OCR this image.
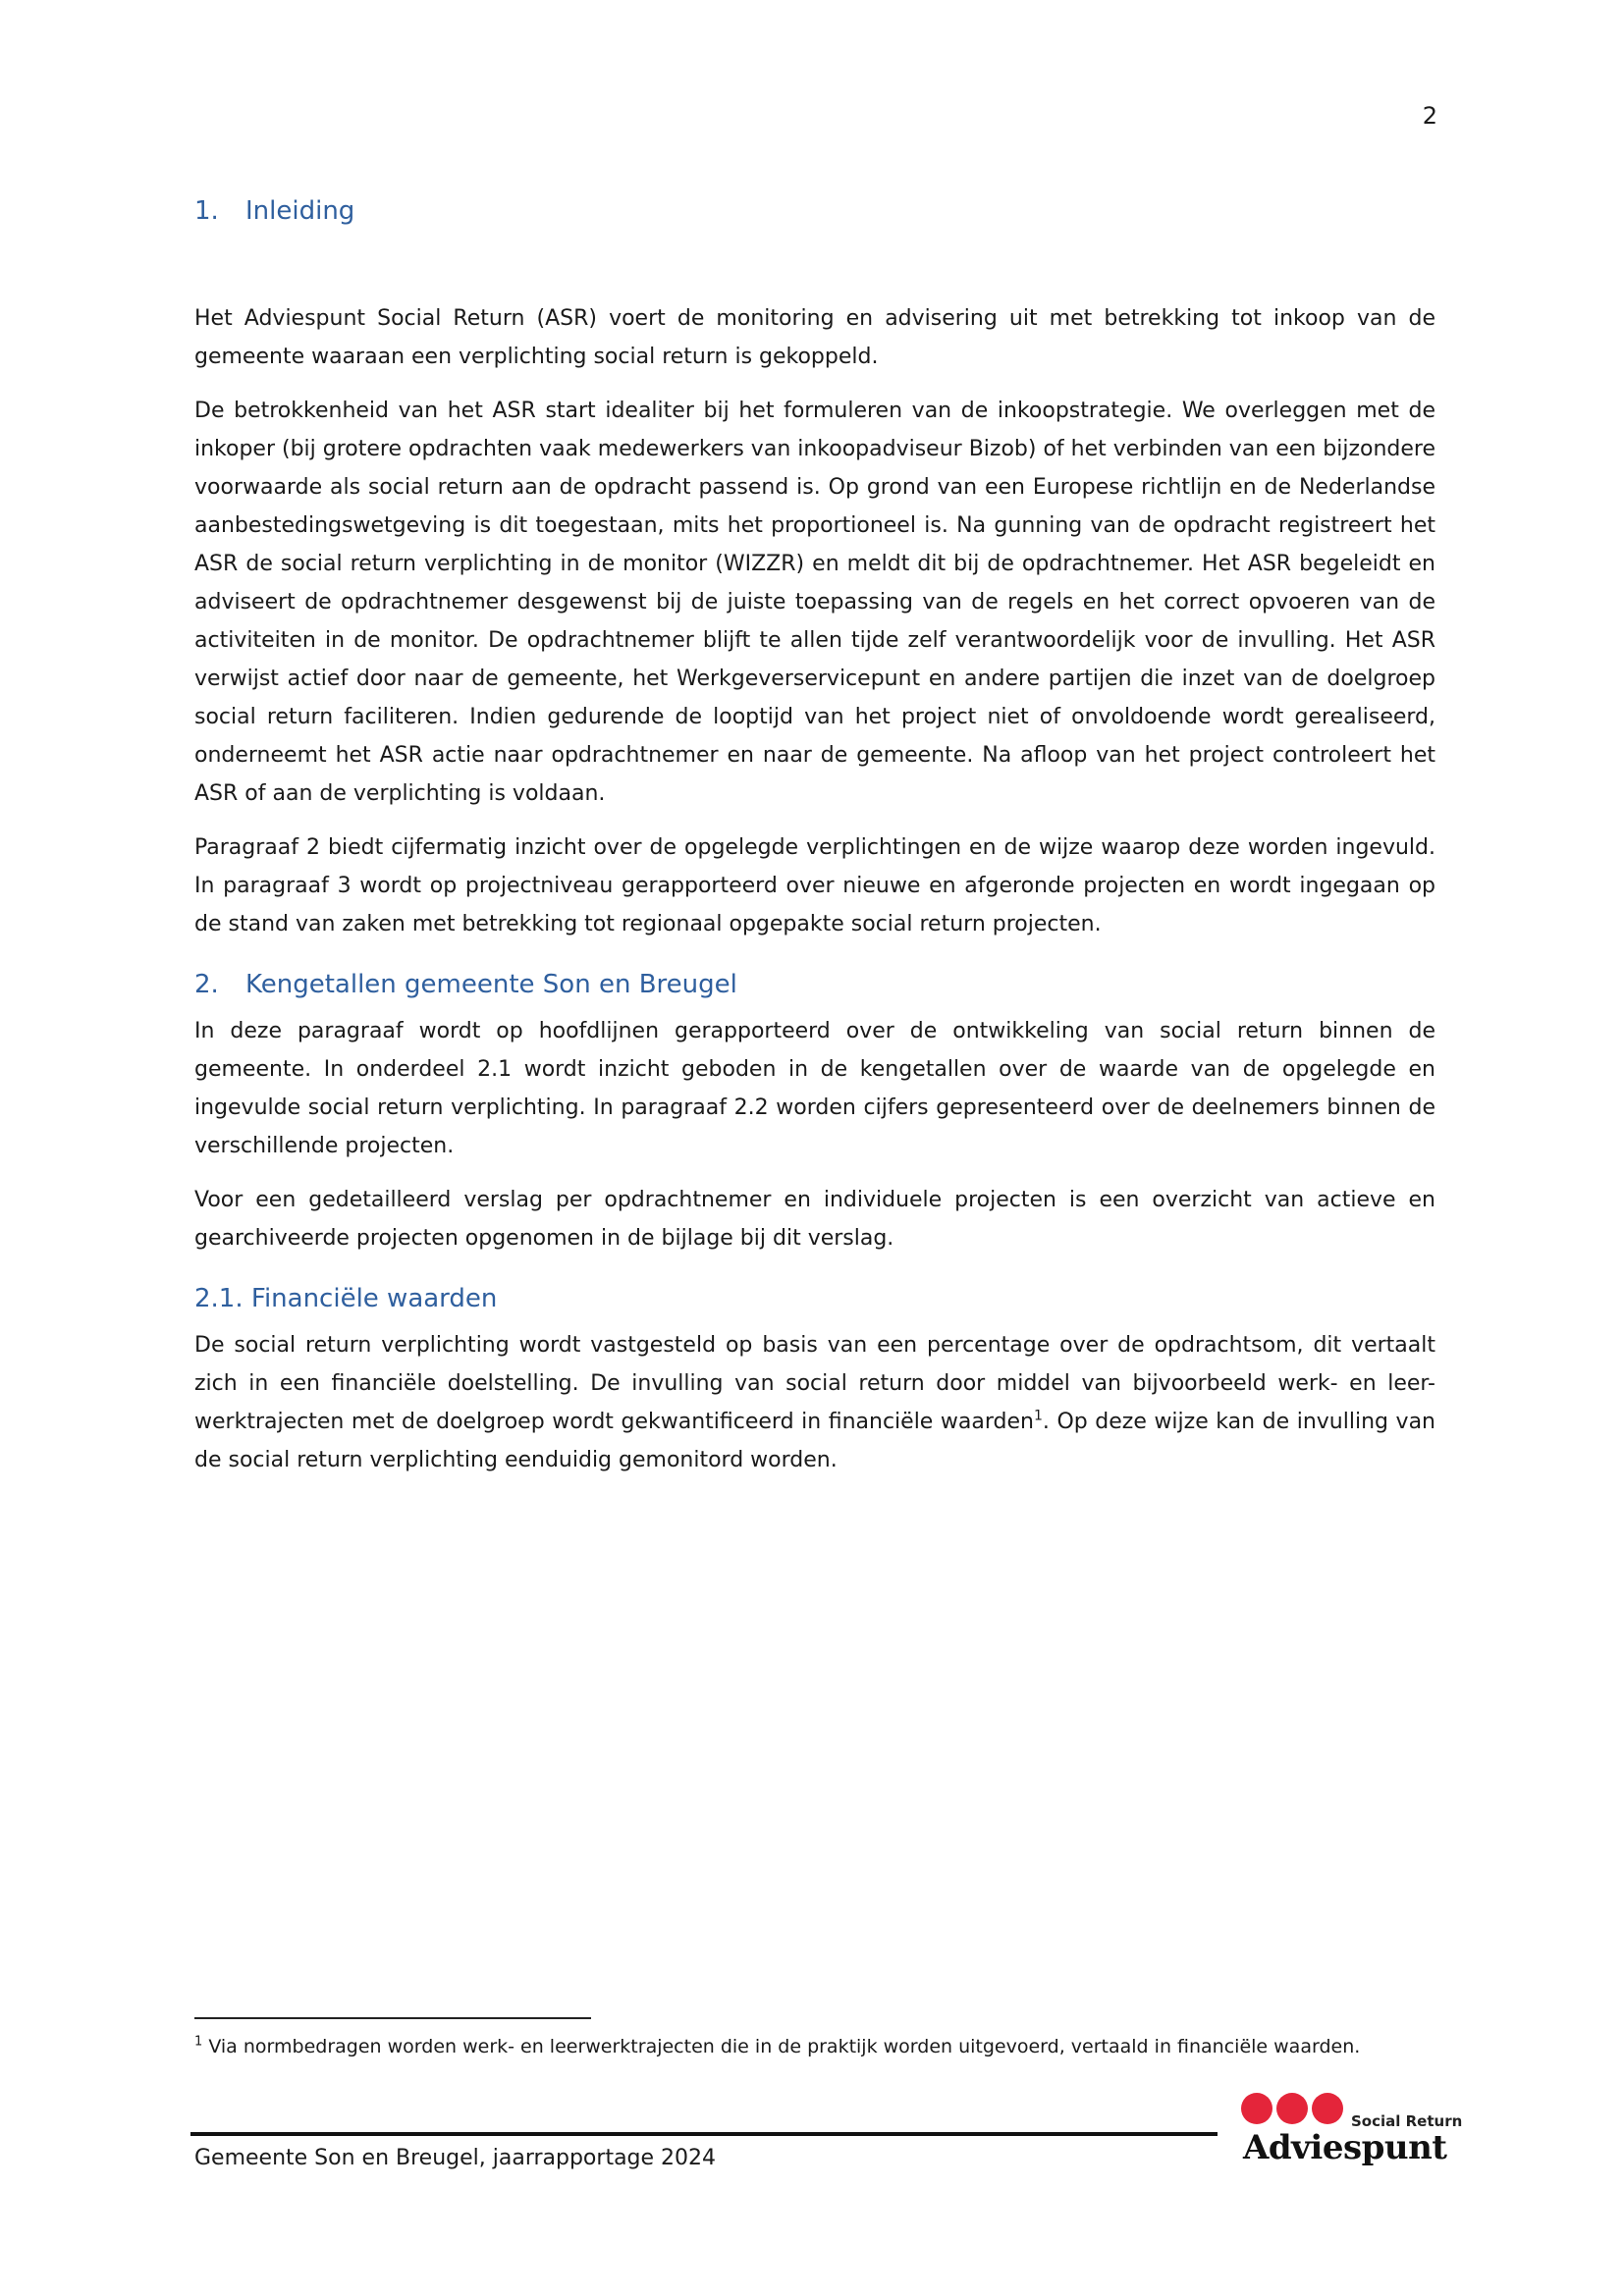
2
1. Inleiding

Het Adviespunt Social Return (ASR) voert de monitoring en advisering uit met betrekking tot inkoop van de gemeente waaraan een verplichting social return is gekoppeld.

De betrokkenheid van het ASR start idealiter bij het formuleren van de inkoopstrategie. We overleggen met de inkoper (bij grotere opdrachten vaak medewerkers van inkoopadviseur Bizob) of het verbinden van een bijzondere voorwaarde als social return aan de opdracht passend is. Op grond van een Europese richtlijn en de Nederlandse aanbestedingswetgeving is dit toegestaan, mits het proportioneel is. Na gunning van de opdracht registreert het ASR de social return verplichting in de monitor (WIZZR) en meldt dit bij de opdrachtnemer. Het ASR begeleidt en adviseert de opdrachtnemer desgewenst bij de juiste toepassing van de regels en het correct opvoeren van de activiteiten in de monitor. De opdrachtnemer blijft te allen tijde zelf verantwoordelijk voor de invulling. Het ASR verwijst actief door naar de gemeente, het Werkgeverservicepunt en andere partijen die inzet van de doelgroep social return faciliteren. Indien gedurende de looptijd van het project niet of onvoldoende wordt gerealiseerd, onderneemt het ASR actie naar opdrachtnemer en naar de gemeente. Na afloop van het project controleert het ASR of aan de verplichting is voldaan.

Paragraaf 2 biedt cijfermatig inzicht over de opgelegde verplichtingen en de wijze waarop deze worden ingevuld. In paragraaf 3 wordt op projectniveau gerapporteerd over nieuwe en afgeronde projecten en wordt ingegaan op de stand van zaken met betrekking tot regionaal opgepakte social return projecten.

2. Kengetallen gemeente Son en Breugel

In deze paragraaf wordt op hoofdlijnen gerapporteerd over de ontwikkeling van social return binnen de gemeente. In onderdeel 2.1 wordt inzicht geboden in de kengetallen over de waarde van de opgelegde en ingevulde social return verplichting. In paragraaf 2.2 worden cijfers gepresenteerd over de deelnemers binnen de verschillende projecten.

Voor een gedetailleerd verslag per opdrachtnemer en individuele projecten is een overzicht van actieve en gearchiveerde projecten opgenomen in de bijlage bij dit verslag.

2.1. Financiële waarden

De social return verplichting wordt vastgesteld op basis van een percentage over de opdrachtsom, dit vertaalt zich in een financiële doelstelling. De invulling van social return door middel van bijvoorbeeld werk- en leer-werktrajecten met de doelgroep wordt gekwantificeerd in financiële waarden$^1$. Op deze wijze kan de invulling van de social return verplichting eenduidig gemonitord worden.

$^1$ Via normbedragen worden werk- en leerwerktrajecten die in de praktijk worden uitgevoerd, vertaald in financiële waarden.
Gemeente Son en Breugel, jaarrapportage 2024
Social Return
Adviespunt
